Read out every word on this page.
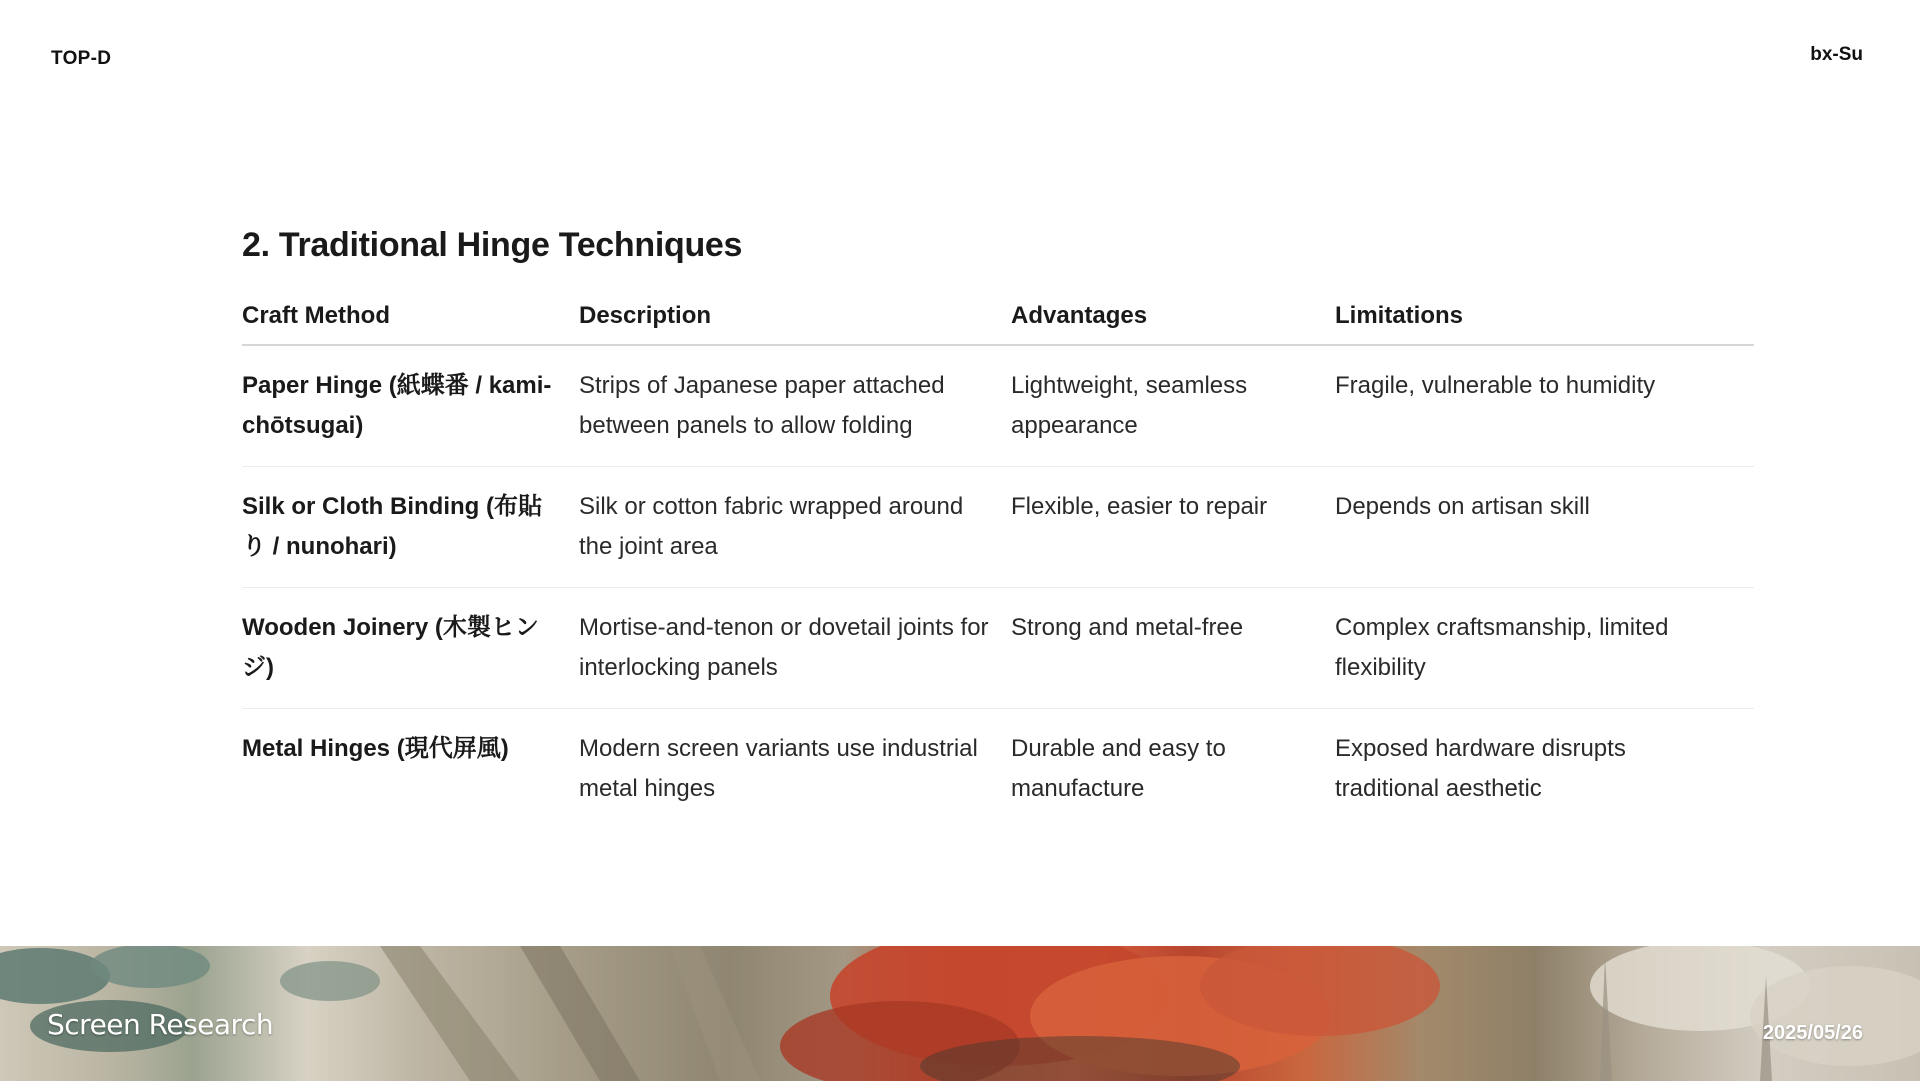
TOP-D	bx-Su
2. Traditional Hinge Techniques
Craft Method	Description	Advantages	Limitations
Paper Hinge (紙蝶番 / kami-chōtsugai)	Strips of Japanese paper attached between panels to allow folding	Lightweight, seamless appearance	Fragile, vulnerable to humidity
Silk or Cloth Binding (布貼り / nunohari)	Silk or cotton fabric wrapped around the joint area	Flexible, easier to repair	Depends on artisan skill
Wooden Joinery (木製ヒンジ)	Mortise-and-tenon or dovetail joints for interlocking panels	Strong and metal-free	Complex craftsmanship, limited flexibility
Metal Hinges (現代屏風)	Modern screen variants use industrial metal hinges	Durable and easy to manufacture	Exposed hardware disrupts traditional aesthetic
Screen Research	2025/05/26
